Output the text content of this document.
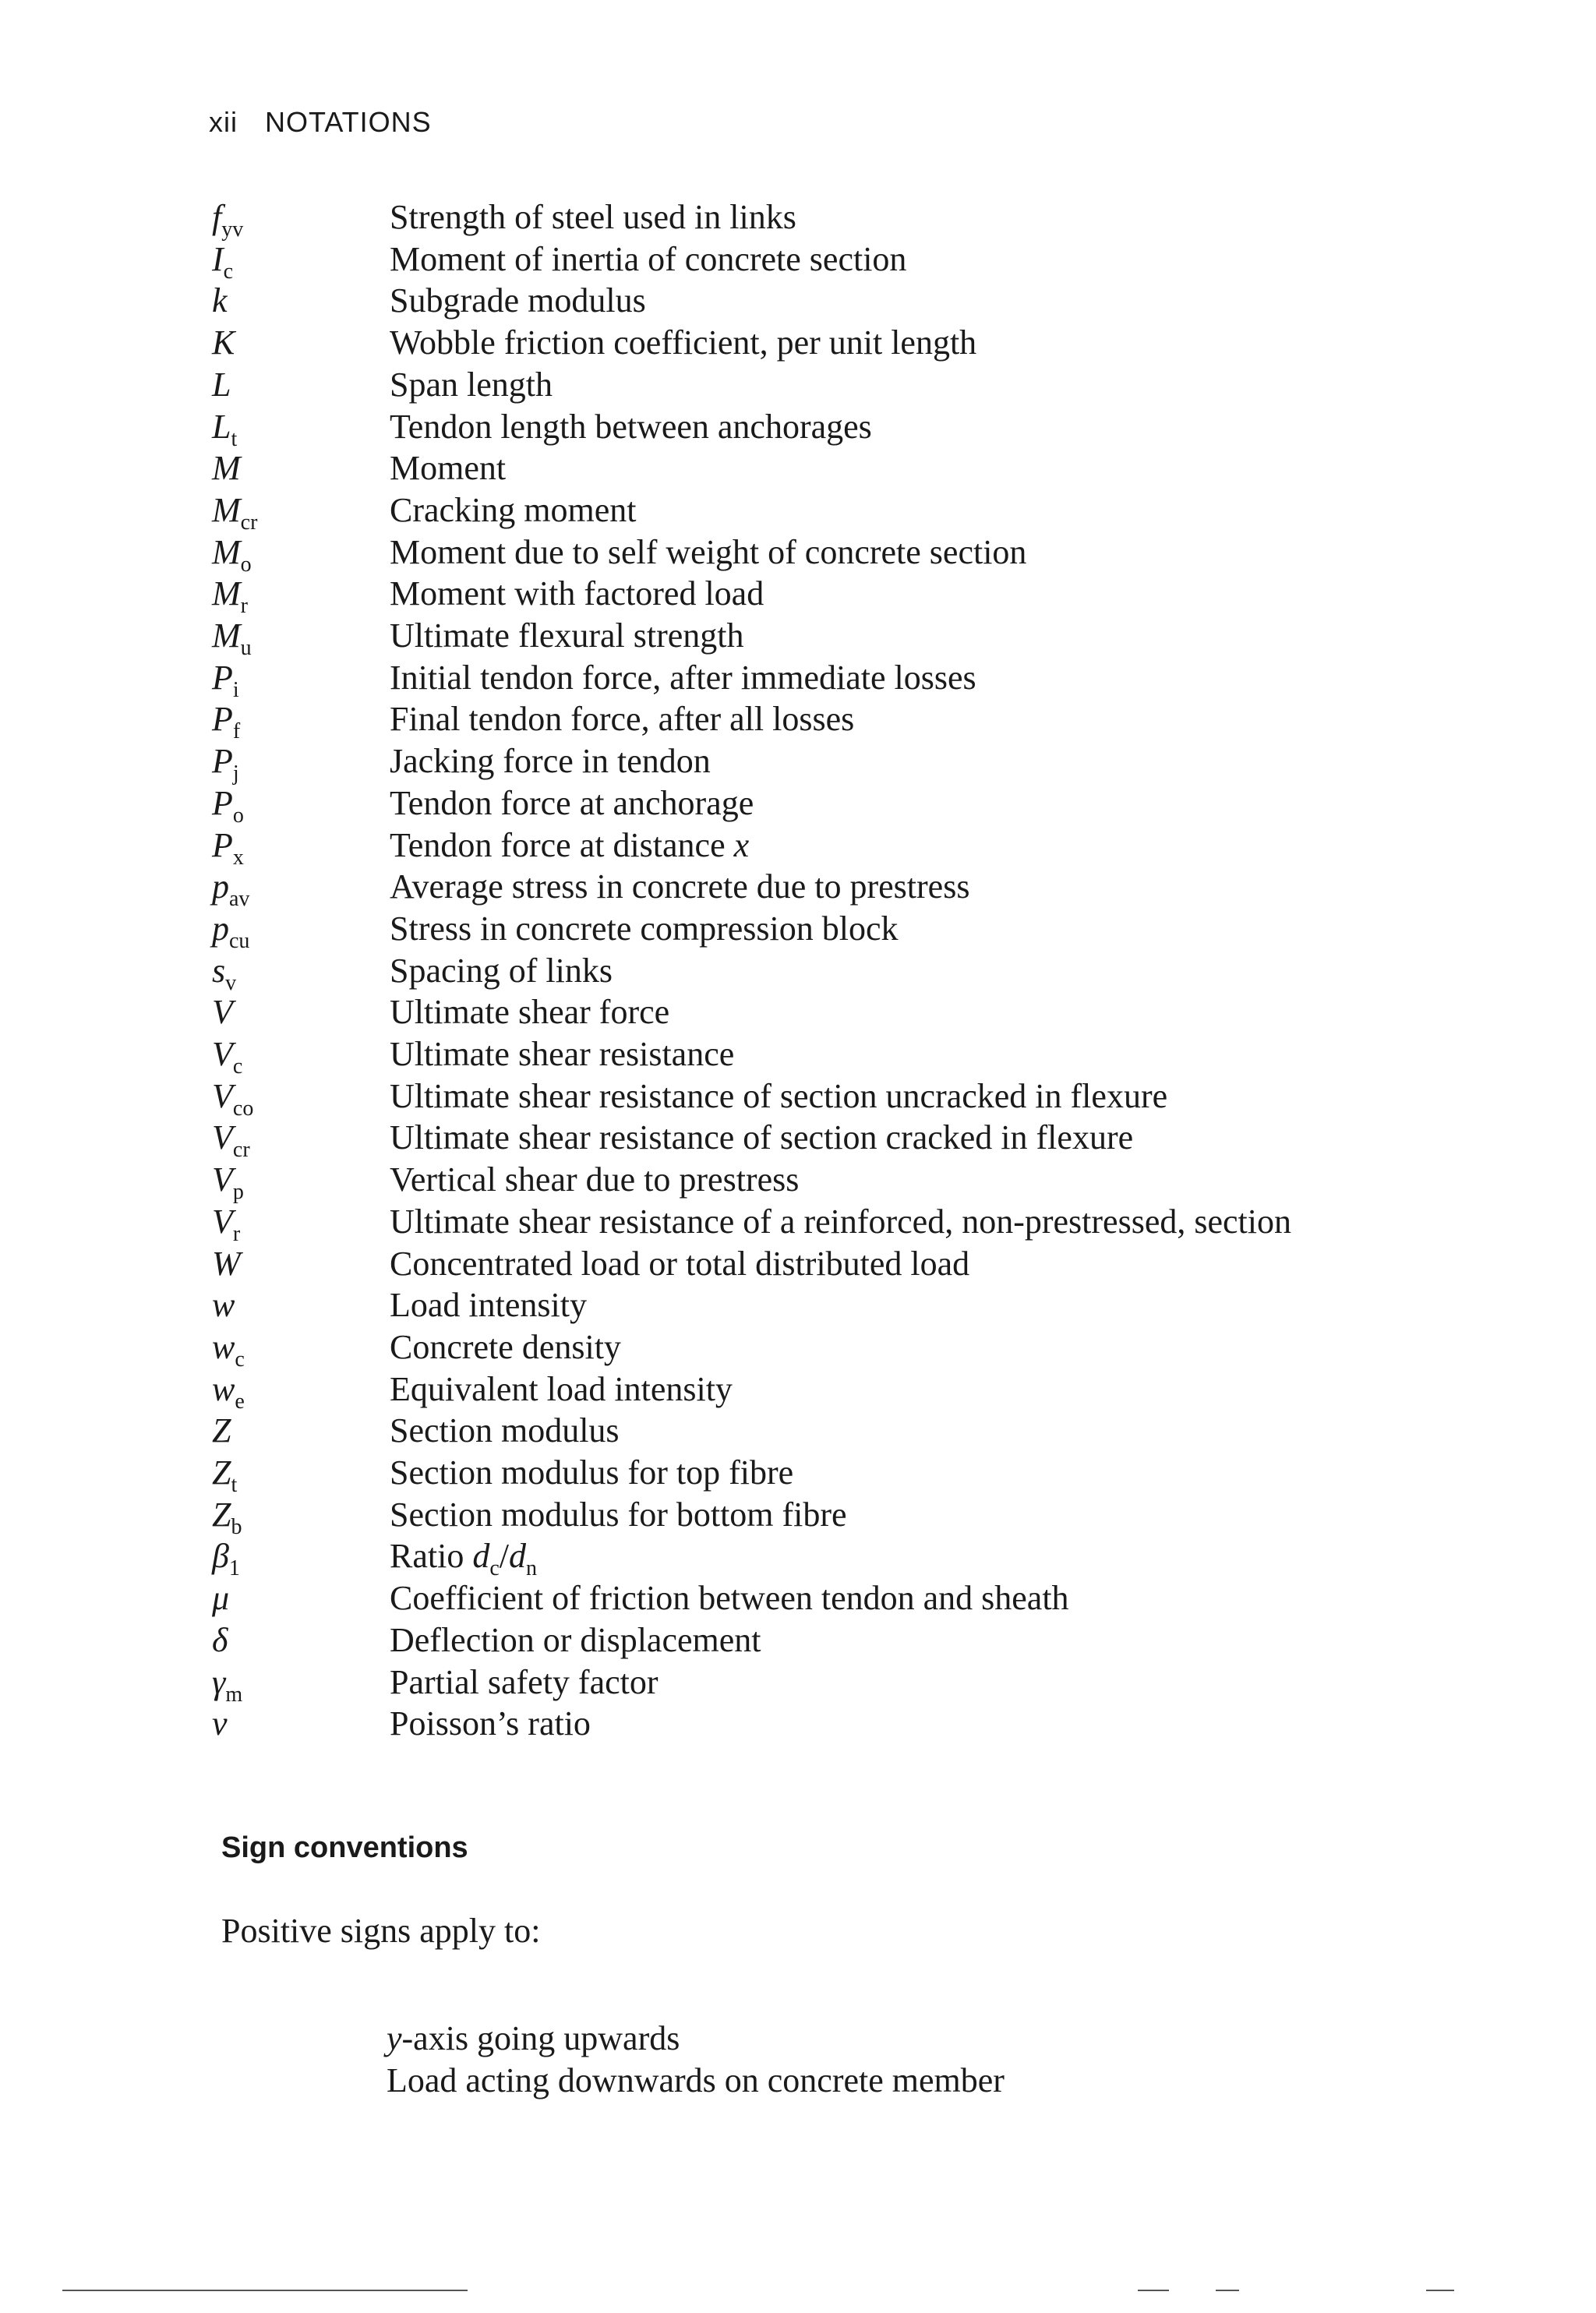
xii NOTATIONS
$f_{yv}$	Strength of steel used in links
$I_c$	Moment of inertia of concrete section
k	Subgrade modulus
K	Wobble friction coefficient, per unit length
L	Span length
$L_t$	Tendon length between anchorages
M	Moment
$M_{cr}$	Cracking moment
$M_o$	Moment due to self weight of concrete section
$M_r$	Moment with factored load
$M_u$	Ultimate flexural strength
$P_i$	Initial tendon force, after immediate losses
$P_f$	Final tendon force, after all losses
$P_j$	Jacking force in tendon
$P_o$	Tendon force at anchorage
$P_x$	Tendon force at distance x
$p_{av}$	Average stress in concrete due to prestress
$p_{cu}$	Stress in concrete compression block
$s_v$	Spacing of links
V	Ultimate shear force
$V_c$	Ultimate shear resistance
$V_{co}$	Ultimate shear resistance of section uncracked in flexure
$V_{cr}$	Ultimate shear resistance of section cracked in flexure
$V_p$	Vertical shear due to prestress
$V_r$	Ultimate shear resistance of a reinforced, non-prestressed, section
W	Concentrated load or total distributed load
w	Load intensity
$w_c$	Concrete density
$w_e$	Equivalent load intensity
Z	Section modulus
$Z_t$	Section modulus for top fibre
$Z_b$	Section modulus for bottom fibre
$\beta_1$	Ratio $d_c/d_n$
μ	Coefficient of friction between tendon and sheath
δ	Deflection or displacement
$\gamma_m$	Partial safety factor
ν	Poisson’s ratio
Sign conventions
Positive signs apply to:
y-axis going upwards
Load acting downwards on concrete member
